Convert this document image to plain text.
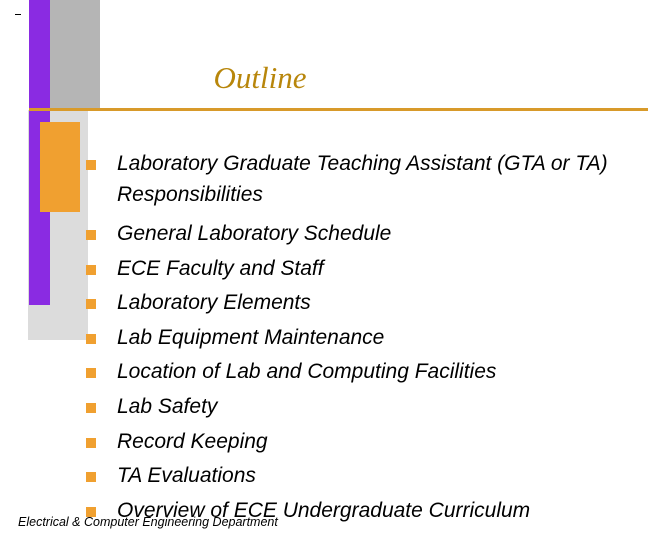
Outline
Laboratory Graduate Teaching Assistant (GTA or TA) Responsibilities
General Laboratory Schedule
ECE Faculty and Staff
Laboratory Elements
Lab Equipment Maintenance
Location of Lab and Computing Facilities
Lab Safety
Record Keeping
TA Evaluations
Overview of ECE Undergraduate Curriculum
Electrical & Computer Engineering Department
